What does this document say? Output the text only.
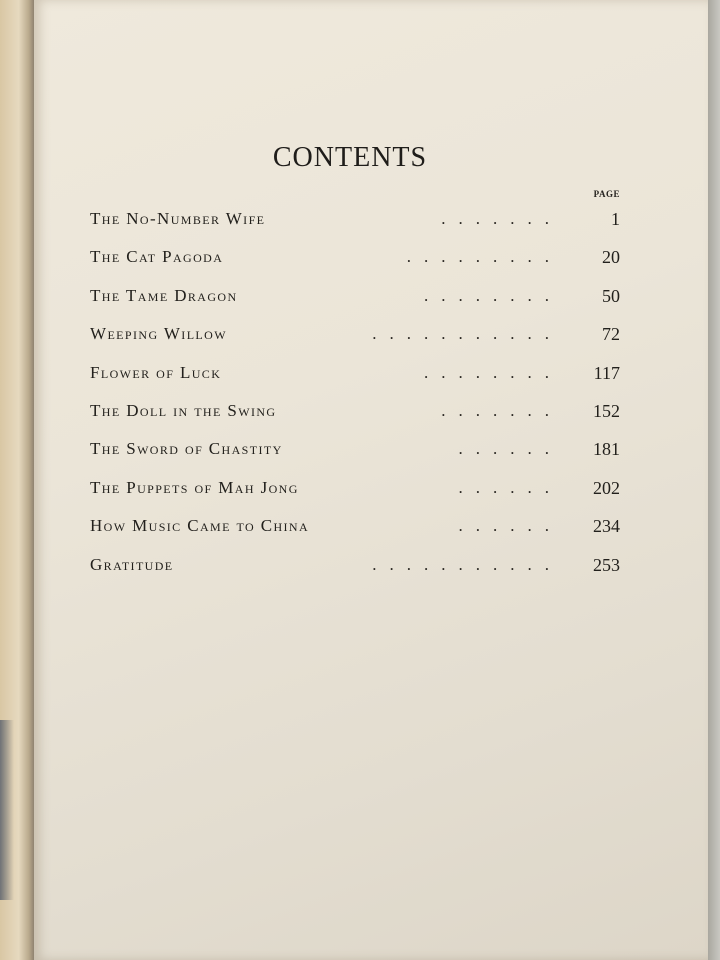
CONTENTS
PAGE
The No-Number Wife	.......	1
The Cat Pagoda	......... 20
The Tame Dragon	........ 50
Weeping Willow	........... 72
Flower of Luck	........ 117
The Doll in the Swing	....... 152
The Sword of Chastity	...... 181
The Puppets of Mah Jong	...... 202
How Music Came to China	...... 234
Gratitude	........... 253
